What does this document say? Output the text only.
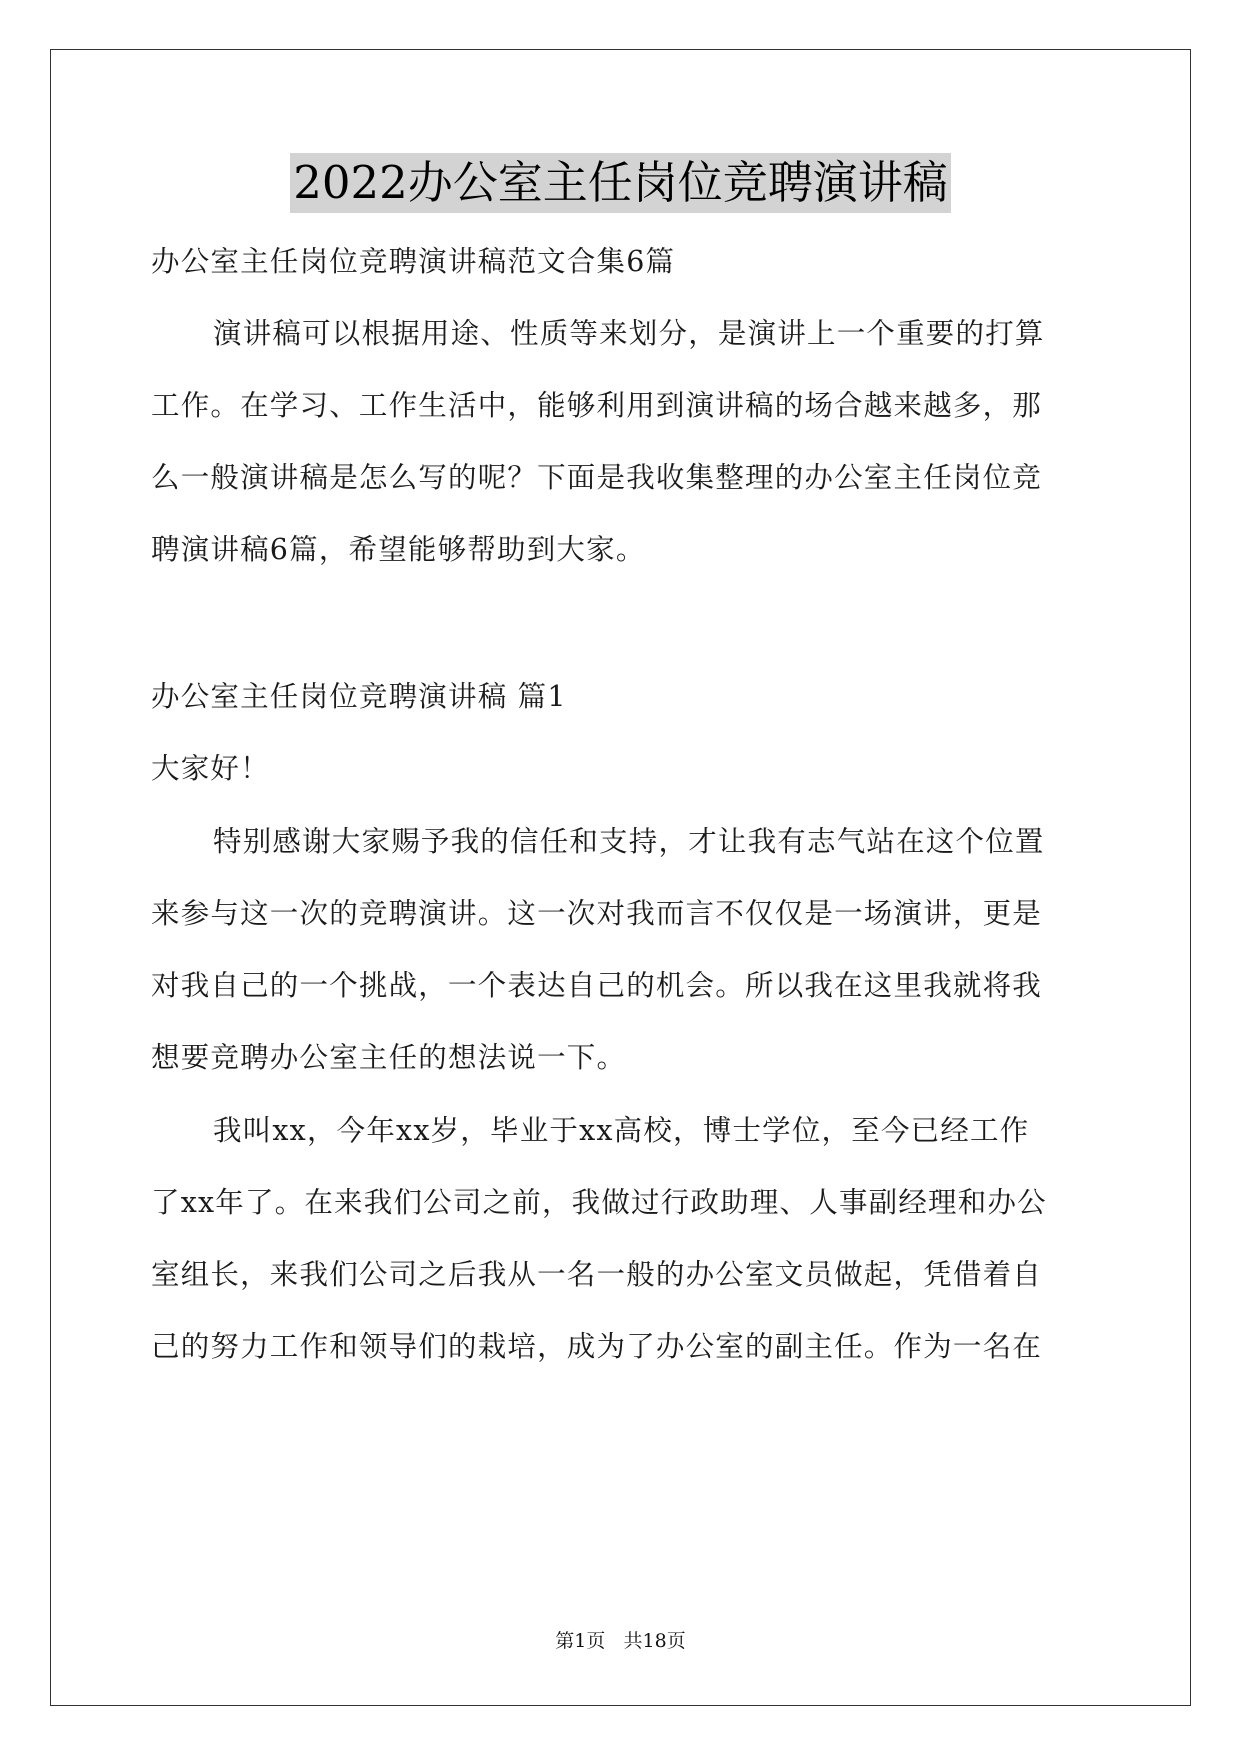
2022办公室主任岗位竞聘演讲稿
办公室主任岗位竞聘演讲稿范文合集6篇
演讲稿可以根据用途、性质等来划分，是演讲上一个重要的打算
工作。在学习、工作生活中，能够利用到演讲稿的场合越来越多，那
么一般演讲稿是怎么写的呢？下面是我收集整理的办公室主任岗位竞
聘演讲稿6篇，希望能够帮助到大家。
办公室主任岗位竞聘演讲稿 篇1
大家好！
特别感谢大家赐予我的信任和支持，才让我有志气站在这个位置
来参与这一次的竞聘演讲。这一次对我而言不仅仅是一场演讲，更是
对我自己的一个挑战，一个表达自己的机会。所以我在这里我就将我
想要竞聘办公室主任的想法说一下。
我叫xx，今年xx岁，毕业于xx高校，博士学位，至今已经工作
了xx年了。在来我们公司之前，我做过行政助理、人事副经理和办公
室组长，来我们公司之后我从一名一般的办公室文员做起，凭借着自
己的努力工作和领导们的栽培，成为了办公室的副主任。作为一名在
第1页 共18页
